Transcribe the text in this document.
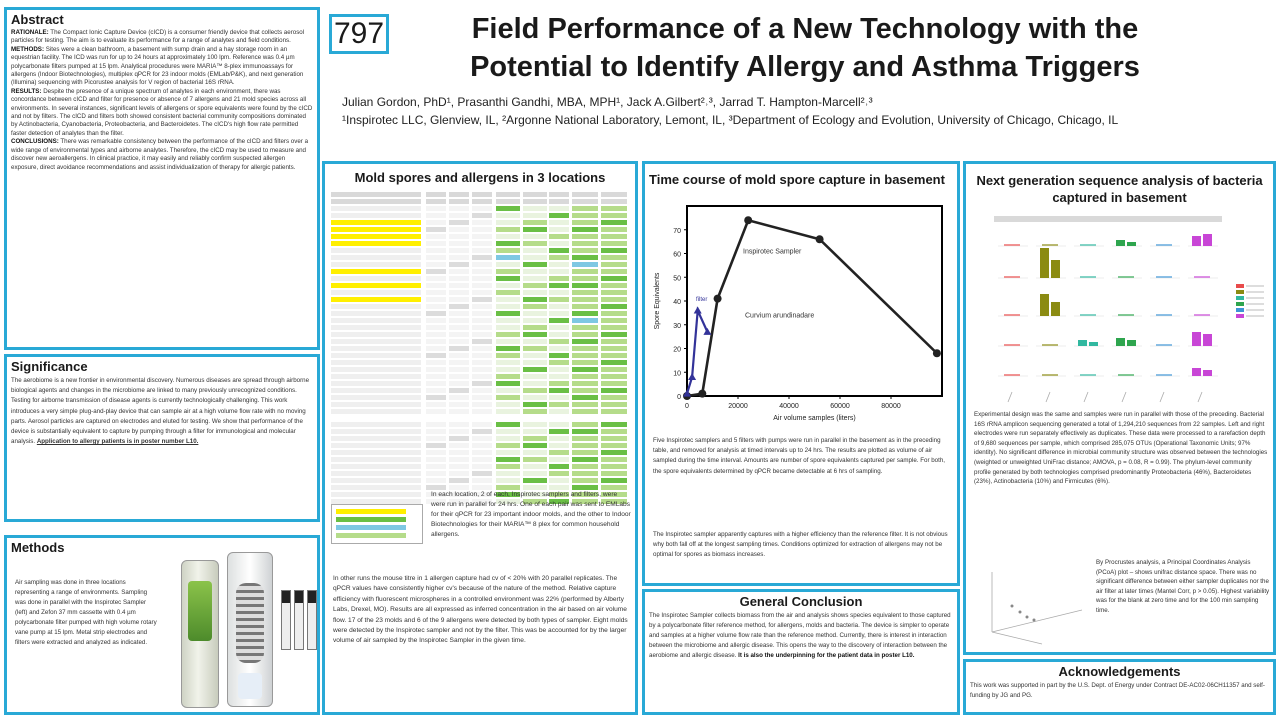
797	Field Performance of a New Technology with the
Potential to Identify Allergy and Asthma Triggers
Julian Gordon, PhD¹, Prasanthi Gandhi, MBA, MPH¹, Jack A.Gilbert²˒³, Jarrad T. Hampton-Marcell²˒³
¹Inspirotec LLC, Glenview, IL, ²Argonne National Laboratory, Lemont, IL, ³Department of Ecology and Evolution, University of Chicago, Chicago, IL
Abstract
RATIONALE: The Compact Ionic Capture Device (cICD) is a consumer friendly device that collects aerosol particles for testing. The aim is to evaluate its performance for a range of analytes and field conditions.
METHODS: Sites were a clean bathroom, a basement with sump drain and a hay storage room in an equestrian facility. The ICD was run for up to 24 hours at approximately 100 lpm. Reference was 0.4 µm polycarbonate filters pumped at 15 lpm. Analytical procedures were MARIA™ 8-plex immunoassays for allergens (Indoor Biotechnologies), multiplex qPCR for 23 indoor molds (EMLab/P&K), and next generation (Illumina) sequencing with Picorustee analysis for V region of bacterial 16S rRNA.
RESULTS: Despite the presence of a unique spectrum of analytes in each environment, there was concordance between cICD and filter for presence or absence of 7 allergens and 21 mold species across all environments. In several instances, significant levels of allergens or spore equivalents were found by the cICD and not by filters. The cICD and filters both showed consistent bacterial community compositions dominated by Actinobacteria, Cyanobacteria, Proteobacteria, and Bacteroidetes. The cICD's high flow rate permitted faster detection of analytes than the filter.
CONCLUSIONS: There was remarkable consistency between the performance of the cICD and filters over a wide range of environmental types and airborne analytes. Therefore, the cICD may be used to measure and discover new aeroallergens. In clinical practice, it may easily and reliably confirm suspected allergen exposure, direct avoidance recommendations and assist individualization of therapy for allergic patients.
Significance
The aerobiome is a new frontier in environmental discovery. Numerous diseases are spread through airborne biological agents and changes in the microbiome are linked to many previously unrecognized conditions. Testing for airborne transmission of disease agents is currently technologically challenging. This work introduces a very simple plug-and-play device that can sample air at a high volume flow rate with no moving parts. Aerosol particles are captured on electrodes and eluted for testing. We show that performance of the device is substantially equivalent to capture by pumping through a filter for immunological and molecular analysis. Application to allergy patients is in poster number L10.
Methods
Air sampling was done in three locations representing a range of environments. Sampling was done in parallel with the Inspirotec Sampler (left) and Zefon 37 mm cassette with 0.4 µm polycarbonate filter pumped with high volume rotary vane pump at 15 lpm. Metal strip electrodes and filters were extracted and analyzed as indicated.
Mold spores and allergens in 3 locations
In each location, 2 of each, Inspirotec samplers and filters, were were run in parallel for 24 hrs. One of each pair was sent to EMLabs for their qPCR for 23 important indoor molds, and the other to Indoor Biotechnologies for their MARIA™ 8 plex for common household allergens.
In other runs the mouse titre in 1 allergen capture had cv of < 20% with 20 parallel replicates. The qPCR values have consistently higher cv's because of the nature of the method. Relative capture efficiency with fluorescent microspheres in a controlled environment was 22% (performed by Alberty Labs, Drexel, MO). Results are all expressed as inferred concentration in the air based on air volume flow. 17 of the 23 molds and 6 of the 9 allergens were detected by both types of sampler. Eight molds were detected by the Inspirotec sampler and not by the filter. This was be accounted for by the larger volume of air sampled by the Inspirotec Sampler in the given time.
Time course of mold spore capture in basement
0
10
20
30
40
50
60
70
0	20000	40000	60000	80000
Air volume samples (liters)
Spore Equivalents
Inspirotec Sampler
Curvium arundinadare
filter
Five Inspirotec samplers and 5 filters with pumps were run in parallel in the basement as in the preceding table, and removed for analysis at timed intervals up to 24 hrs. The results are plotted as volume of air sampled during the time interval. Amounts are number of spore equivalents captured per sample. For both, the spore equivalents determined by qPCR became detectable at 6 hrs of sampling.
The Inspirotec sampler apparently captures with a higher efficiency than the reference filter. It is not obvious why both fall off at the longest sampling times. Conditions optimized for extraction of allergens may not be optimal for spores as biomass increases.
General Conclusion
The Inspirotec Sampler collects biomass from the air and analysis shows species equivalent to those captured by a polycarbonate filter reference method, for allergens, molds and bacteria. The device is simpler to operate and samples at a higher volume flow rate than the reference method. Currently, there is interest in interaction between the microbiome and allergic disease. This opens the way to the discovery of interaction between the aerobiome and allergic disease. It is also the underpinning for the patient data in poster L10.
Next generation sequence analysis of bacteria captured in basement
Experimental design was the same and samples were run in parallel with those of the preceding. Bacterial 16S rRNA amplicon sequencing generated a total of 1,294,210 sequences from 22 samples. Left and right electrodes were run separately effectively as duplicates. These data were processed to a rarefaction depth of 9,680 sequences per sample, which comprised 285,075 OTUs (Operational Taxonomic Units; 97% identity). No significant difference in microbial community structure was observed between the technologies (weighted or unweighted UniFrac distance; AMOVA, p = 0.08, R = 0.99). The phylum-level community profile generated by both technologies comprised predominantly Proteobacteria (46%), Bacteroidetes (23%), Actinobacteria (10%) and Firmicutes (6%).
By Procrustes analysis, a Principal Coordinates Analysis (PCoA) plot – shows unifrac distance space. There was no significant difference between either sampler duplicates nor the air filter at later times (Mantel Corr, p > 0.05). Highest variability was for the blank at zero time and for the 100 min sampling time.
Acknowledgements
This work was supported in part by the U.S. Dept. of Energy under Contract DE-AC02-06CH11357 and self-funding by JG and PG.
